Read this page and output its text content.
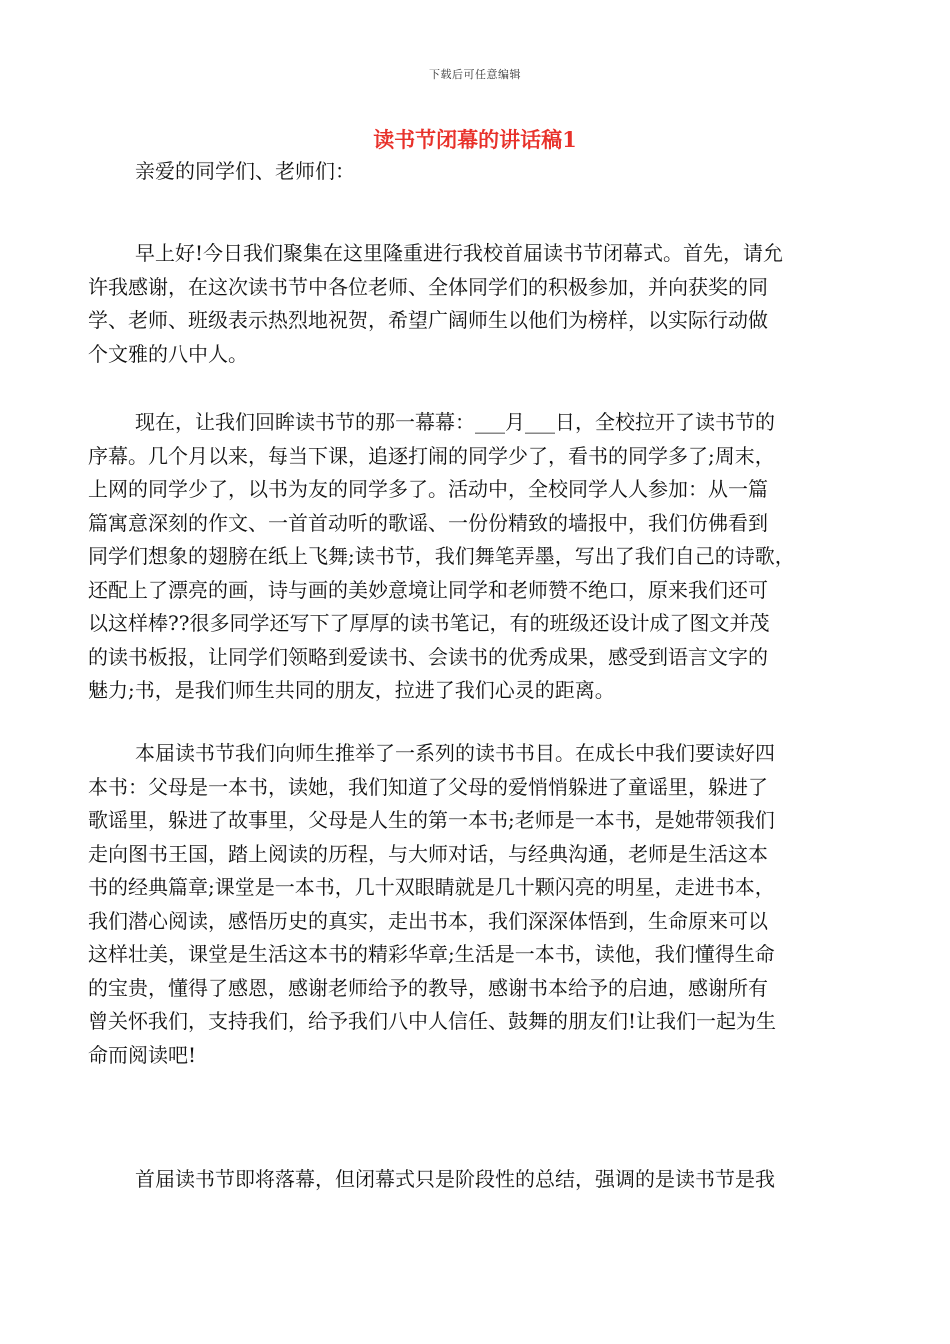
下载后可任意编辑
读书节闭幕的讲话稿1
亲爱的同学们、老师们：
早上好!今日我们聚集在这里隆重进行我校首届读书节闭幕式。首先，请允
许我感谢，在这次读书节中各位老师、全体同学们的积极参加，并向获奖的同
学、老师、班级表示热烈地祝贺，希望广阔师生以他们为榜样，以实际行动做
个文雅的八中人。
现在，让我们回眸读书节的那一幕幕：___月___日，全校拉开了读书节的
序幕。几个月以来，每当下课，追逐打闹的同学少了，看书的同学多了;周末，
上网的同学少了，以书为友的同学多了。活动中，全校同学人人参加：从一篇
篇寓意深刻的作文、一首首动听的歌谣、一份份精致的墙报中，我们仿佛看到
同学们想象的翅膀在纸上飞舞;读书节，我们舞笔弄墨，写出了我们自己的诗歌，
还配上了漂亮的画，诗与画的美妙意境让同学和老师赞不绝口，原来我们还可
以这样棒??很多同学还写下了厚厚的读书笔记，有的班级还设计成了图文并茂
的读书板报，让同学们领略到爱读书、会读书的优秀成果，感受到语言文字的
魅力;书，是我们师生共同的朋友，拉进了我们心灵的距离。
本届读书节我们向师生推举了一系列的读书书目。在成长中我们要读好四
本书：父母是一本书，读她，我们知道了父母的爱悄悄躲进了童谣里，躲进了
歌谣里，躲进了故事里，父母是人生的第一本书;老师是一本书，是她带领我们
走向图书王国，踏上阅读的历程，与大师对话，与经典沟通，老师是生活这本
书的经典篇章;课堂是一本书，几十双眼睛就是几十颗闪亮的明星，走进书本，
我们潜心阅读，感悟历史的真实，走出书本，我们深深体悟到，生命原来可以
这样壮美，课堂是生活这本书的精彩华章;生活是一本书，读他，我们懂得生命
的宝贵，懂得了感恩，感谢老师给予的教导，感谢书本给予的启迪，感谢所有
曾关怀我们，支持我们，给予我们八中人信任、鼓舞的朋友们!让我们一起为生
命而阅读吧!
首届读书节即将落幕，但闭幕式只是阶段性的总结，强调的是读书节是我
